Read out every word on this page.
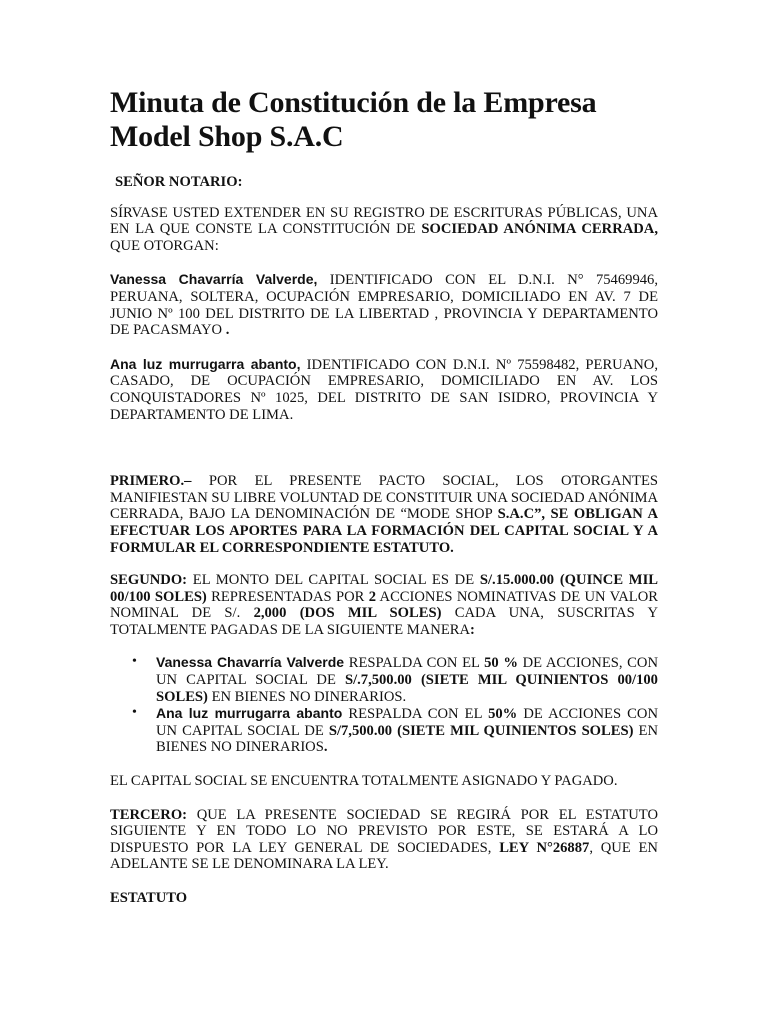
Minuta de Constitución de la Empresa Model Shop S.A.C
SEÑOR NOTARIO:

SÍRVASE USTED EXTENDER EN SU REGISTRO DE ESCRITURAS PÚBLICAS, UNA EN LA QUE CONSTE LA CONSTITUCIÓN DE SOCIEDAD ANÓNIMA CERRADA, QUE OTORGAN:

Vanessa Chavarría Valverde, IDENTIFICADO CON EL D.N.I. N° 75469946, PERUANA, SOLTERA, OCUPACIÓN EMPRESARIO, DOMICILIADO EN AV. 7 DE JUNIO Nº 100 DEL DISTRITO DE LA LIBERTAD , PROVINCIA Y DEPARTAMENTO DE PACASMAYO .

Ana luz murrugarra abanto, IDENTIFICADO CON D.N.I. Nº 75598482, PERUANO, CASADO, DE OCUPACIÓN EMPRESARIO, DOMICILIADO EN AV. LOS CONQUISTADORES Nº 1025, DEL DISTRITO DE SAN ISIDRO, PROVINCIA Y DEPARTAMENTO DE LIMA.

PRIMERO.– POR EL PRESENTE PACTO SOCIAL, LOS OTORGANTES MANIFIESTAN SU LIBRE VOLUNTAD DE CONSTITUIR UNA SOCIEDAD ANÓNIMA CERRADA, BAJO LA DENOMINACIÓN DE “MODE SHOP S.A.C”, SE OBLIGAN A EFECTUAR LOS APORTES PARA LA FORMACIÓN DEL CAPITAL SOCIAL Y A FORMULAR EL CORRESPONDIENTE ESTATUTO.

SEGUNDO: EL MONTO DEL CAPITAL SOCIAL ES DE S/.15.000.00 (QUINCE MIL 00/100 SOLES) REPRESENTADAS POR 2 ACCIONES NOMINATIVAS DE UN VALOR NOMINAL DE S/. 2,000 (DOS MIL SOLES) CADA UNA, SUSCRITAS Y TOTALMENTE PAGADAS DE LA SIGUIENTE MANERA:

• Vanessa Chavarría Valverde RESPALDA CON EL 50 % DE ACCIONES, CON UN CAPITAL SOCIAL DE S/.7,500.00 (SIETE MIL QUINIENTOS 00/100 SOLES) EN BIENES NO DINERARIOS.
• Ana luz murrugarra abanto RESPALDA CON EL 50% DE ACCIONES CON UN CAPITAL SOCIAL DE S/7,500.00 (SIETE MIL QUINIENTOS SOLES) EN BIENES NO DINERARIOS.

EL CAPITAL SOCIAL SE ENCUENTRA TOTALMENTE ASIGNADO Y PAGADO.

TERCERO: QUE LA PRESENTE SOCIEDAD SE REGIRÁ POR EL ESTATUTO SIGUIENTE Y EN TODO LO NO PREVISTO POR ESTE, SE ESTARÁ A LO DISPUESTO POR LA LEY GENERAL DE SOCIEDADES, LEY N°26887, QUE EN ADELANTE SE LE DENOMINARA LA LEY.

ESTATUTO
